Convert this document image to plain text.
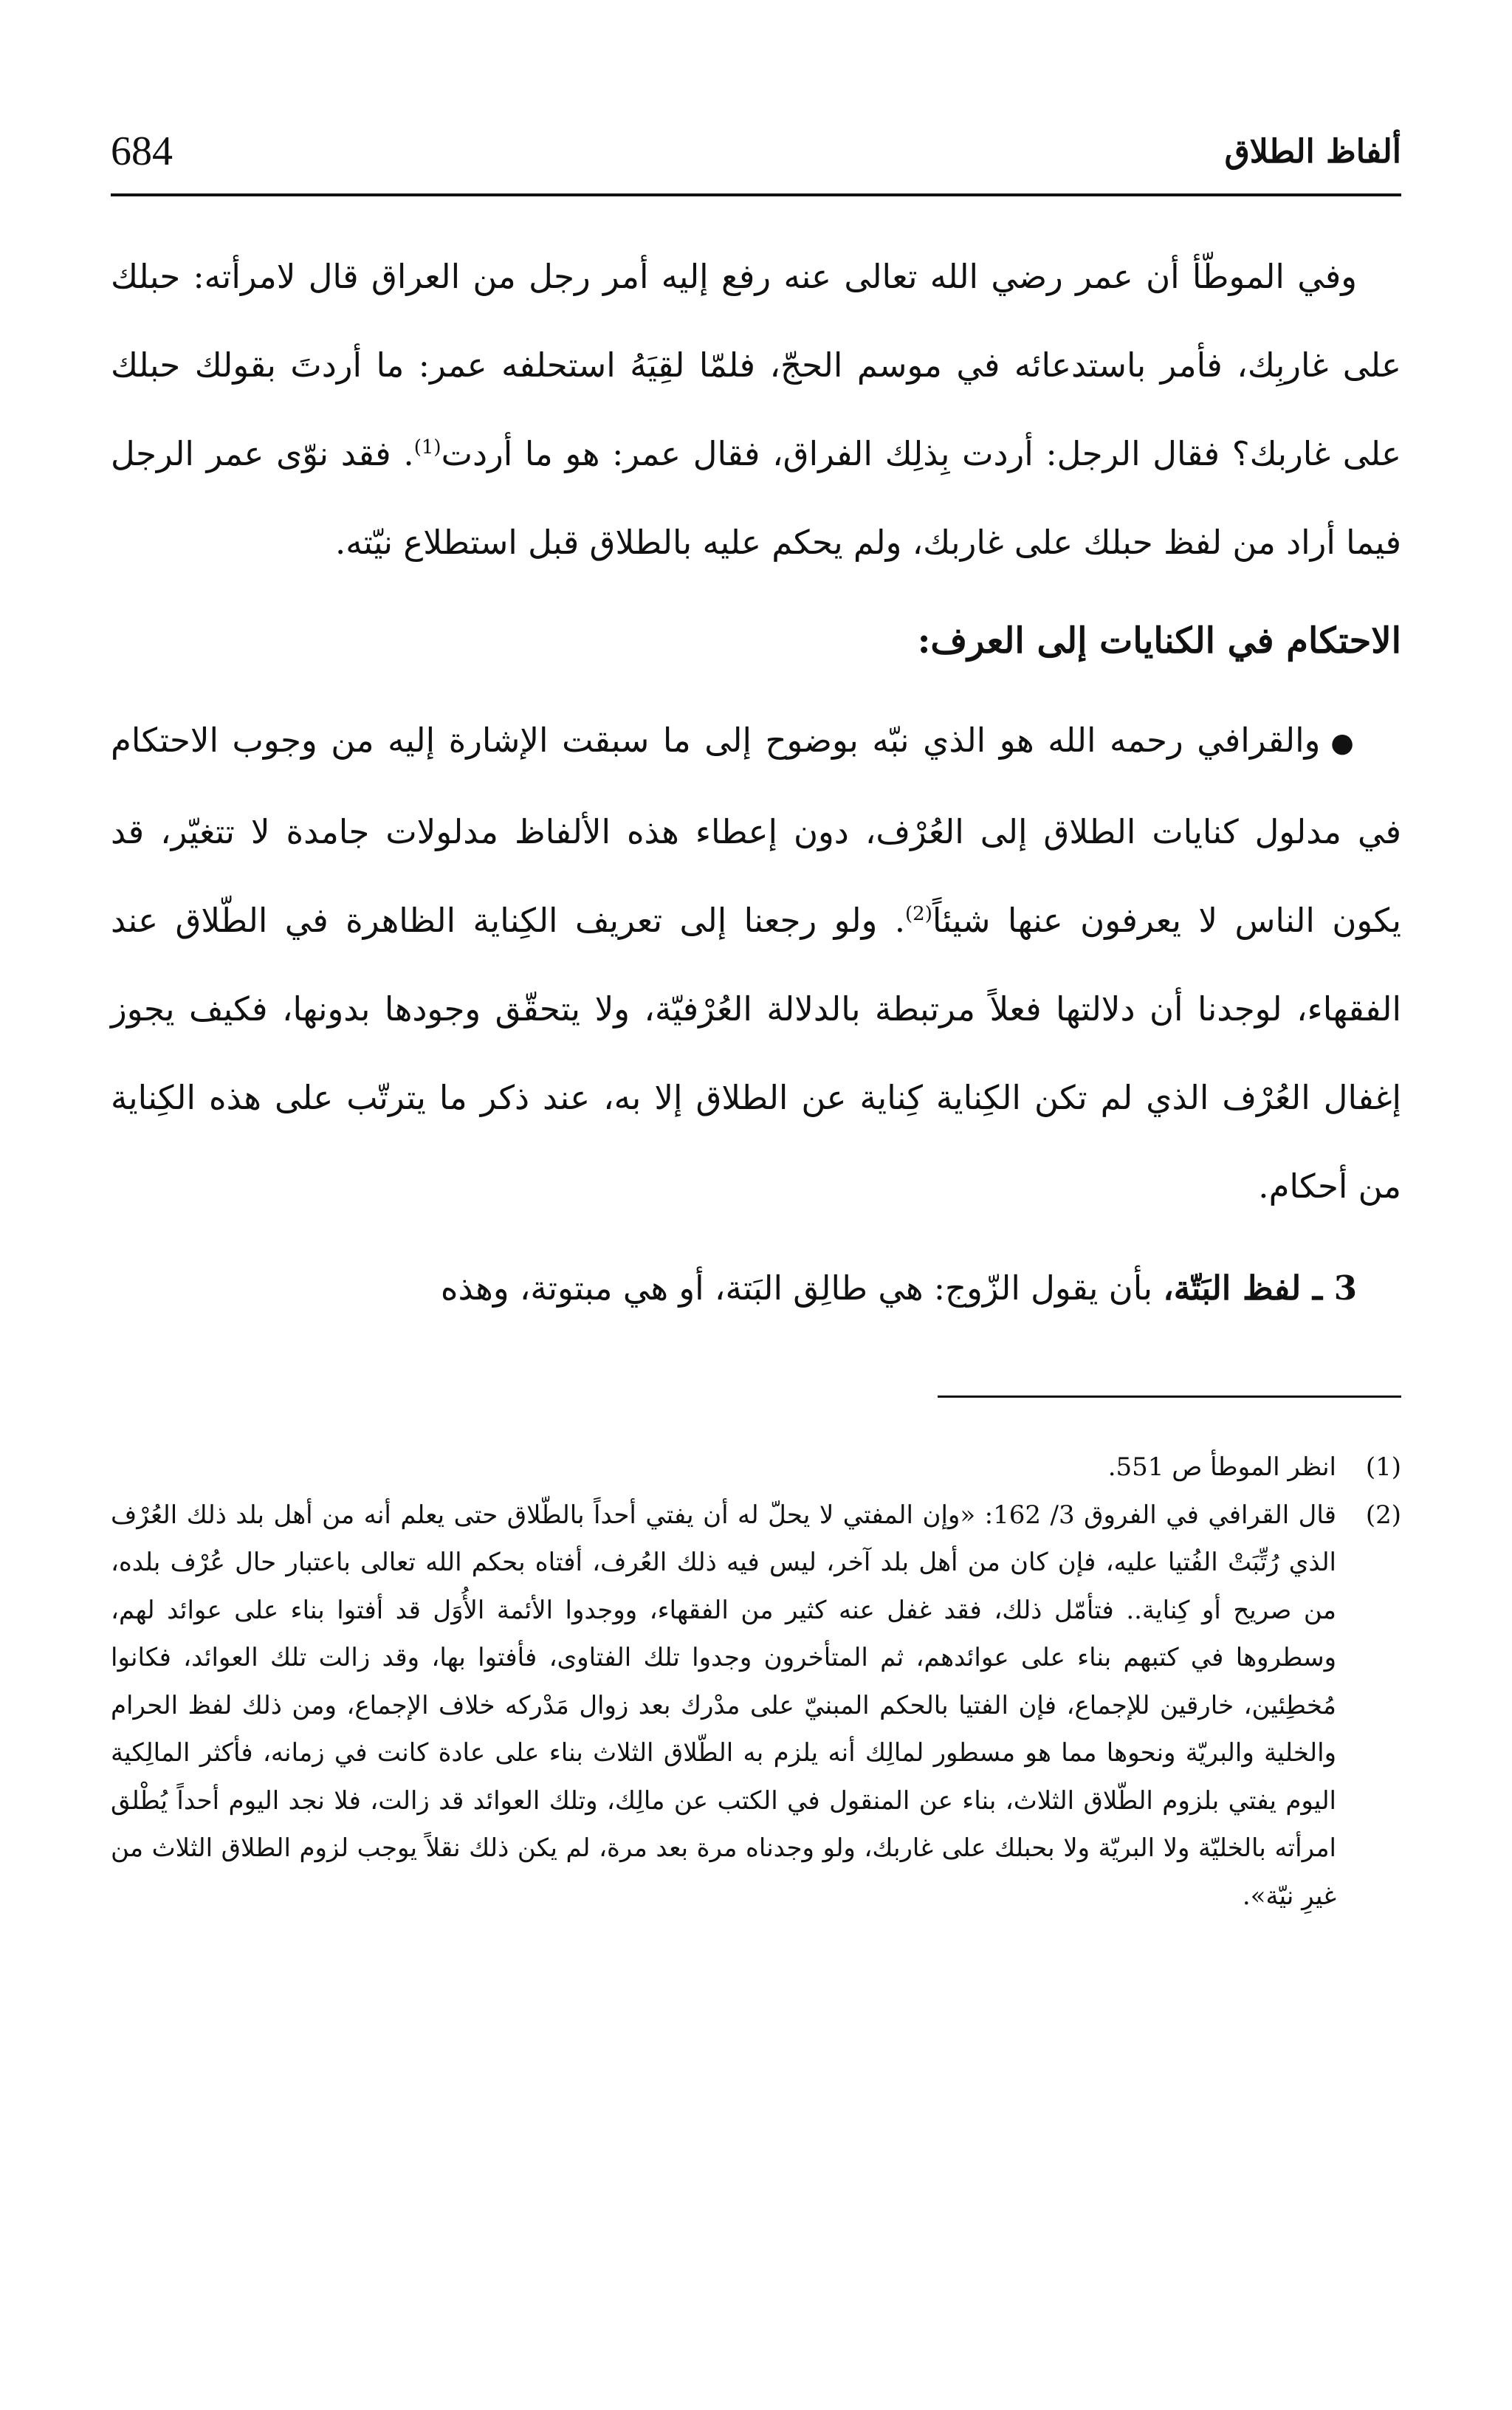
684	ألفاظ الطلاق

وفي الموطّأ أن عمر رضي الله تعالى عنه رفع إليه أمر رجل من العراق قال لامرأته: حبلك على غاربِك، فأمر باستدعائه في موسم الحجّ، فلمّا لقِيَهُ استحلفه عمر: ما أردتَ بقولك حبلك على غاربك؟ فقال الرجل: أردت بِذلِك الفراق، فقال عمر: هو ما أردت$^{(1)}$. فقد نوّى عمر الرجل فيما أراد من لفظ حبلك على غاربك، ولم يحكم عليه بالطلاق قبل استطلاع نيّته.

الاحتكام في الكنايات إلى العرف:

●والقرافي رحمه الله هو الذي نبّه بوضوح إلى ما سبقت الإشارة إليه من وجوب الاحتكام في مدلول كنايات الطلاق إلى العُرْف، دون إعطاء هذه الألفاظ مدلولات جامدة لا تتغيّر، قد يكون الناس لا يعرفون عنها شيئاً$^{(2)}$. ولو رجعنا إلى تعريف الكِناية الظاهرة في الطّلاق عند الفقهاء، لوجدنا أن دلالتها فعلاً مرتبطة بالدلالة العُرْفيّة، ولا يتحقّق وجودها بدونها، فكيف يجوز إغفال العُرْف الذي لم تكن الكِناية كِناية عن الطلاق إلا به، عند ذكر ما يترتّب على هذه الكِناية من أحكام.

3 ـ لفظ البَتّة، بأن يقول الزّوج: هي طالِق البَتة، أو هي مبتوتة، وهذه

(1)
انظر الموطأ ص 551.
(2)
قال القرافي في الفروق 3/ 162: «وإن المفتي لا يحلّ له أن يفتي أحداً بالطّلاق حتى يعلم أنه من أهل بلد ذلك العُرْف الذي رُتِّبَتْ الفُتيا عليه، فإن كان من أهل بلد آخر، ليس فيه ذلك العُرف، أفتاه بحكم الله تعالى باعتبار حال عُرْف بلده، من صريح أو كِناية.. فتأمّل ذلك، فقد غفل عنه كثير من الفقهاء، ووجدوا الأئمة الأُوَل قد أفتوا بناء على عوائد لهم، وسطروها في كتبهم بناء على عوائدهم، ثم المتأخرون وجدوا تلك الفتاوى، فأفتوا بها، وقد زالت تلك العوائد، فكانوا مُخطِئين، خارقين للإجماع، فإن الفتيا بالحكم المبنيّ على مدْرك بعد زوال مَدْركه خلاف الإجماع، ومن ذلك لفظ الحرام والخلية والبريّة ونحوها مما هو مسطور لمالِك أنه يلزم به الطّلاق الثلاث بناء على عادة كانت في زمانه، فأكثر المالِكية اليوم يفتي بلزوم الطّلاق الثلاث، بناء عن المنقول في الكتب عن مالِك، وتلك العوائد قد زالت، فلا نجد اليوم أحداً يُطْلق امرأته بالخليّة ولا البريّة ولا بحبلك على غاربك، ولو وجدناه مرة بعد مرة، لم يكن ذلك نقلاً يوجب لزوم الطلاق الثلاث من غيرِ نيّة».
